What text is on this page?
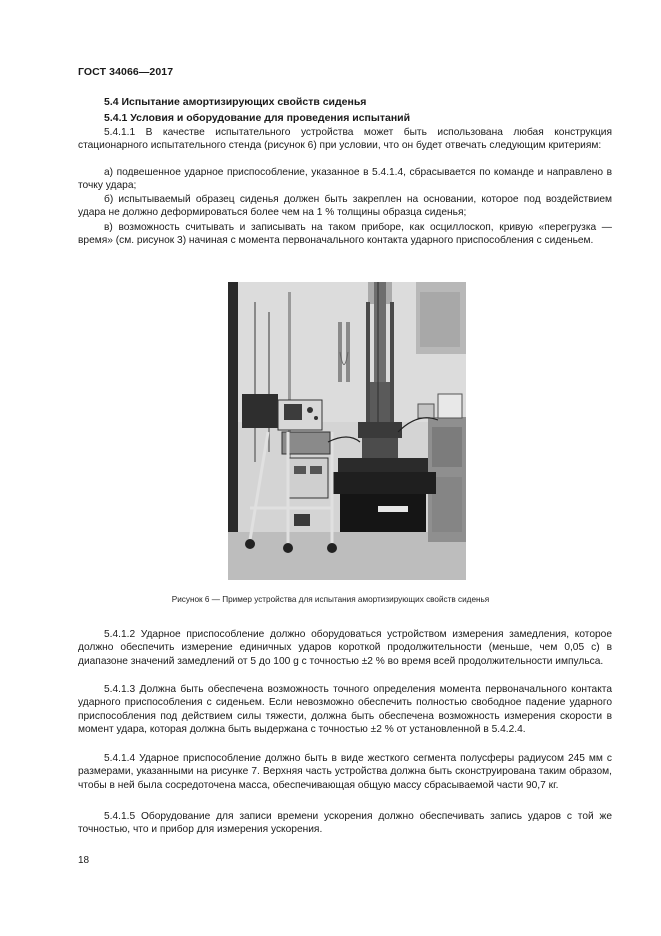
ГОСТ 34066—2017
5.4 Испытание амортизирующих свойств сиденья
5.4.1 Условия и оборудование для проведения испытаний

5.4.1.1 В качестве испытательного устройства может быть использована любая конструкция стационарного испытательного стенда (рисунок 6) при условии, что он будет отвечать следующим критериям:

а) подвешенное ударное приспособление, указанное в 5.4.1.4, сбрасывается по команде и направлено в точку удара;

б) испытываемый образец сиденья должен быть закреплен на основании, которое под воздействием удара не должно деформироваться более чем на 1 % толщины образца сиденья;

в) возможность считывать и записывать на таком приборе, как осциллоскоп, кривую «перегрузка — время» (см. рисунок 3) начиная с момента первоначального контакта ударного приспособления с сиденьем.

Рисунок 6 — Пример устройства для испытания амортизирующих свойств сиденья

5.4.1.2 Ударное приспособление должно оборудоваться устройством измерения замедления, которое должно обеспечить измерение единичных ударов короткой продолжительности (меньше, чем 0,05 с) в диапазоне значений замедлений от 5 до 100 g с точностью ±2 % во время всей продолжительности импульса.

5.4.1.3 Должна быть обеспечена возможность точного определения момента первоначального контакта ударного приспособления с сиденьем. Если невозможно обеспечить полностью свободное падение ударного приспособления под действием силы тяжести, должна быть обеспечена возможность измерения скорости в момент удара, которая должна быть выдержана с точностью ±2 % от установленной в 5.4.2.4.

5.4.1.4 Ударное приспособление должно быть в виде жесткого сегмента полусферы радиусом 245 мм с размерами, указанными на рисунке 7. Верхняя часть устройства должна быть сконструирована таким образом, чтобы в ней была сосредоточена масса, обеспечивающая общую массу сбрасываемой части 90,7 кг.

5.4.1.5 Оборудование для записи времени ускорения должно обеспечивать запись ударов с той же точностью, что и прибор для измерения ускорения.

18
